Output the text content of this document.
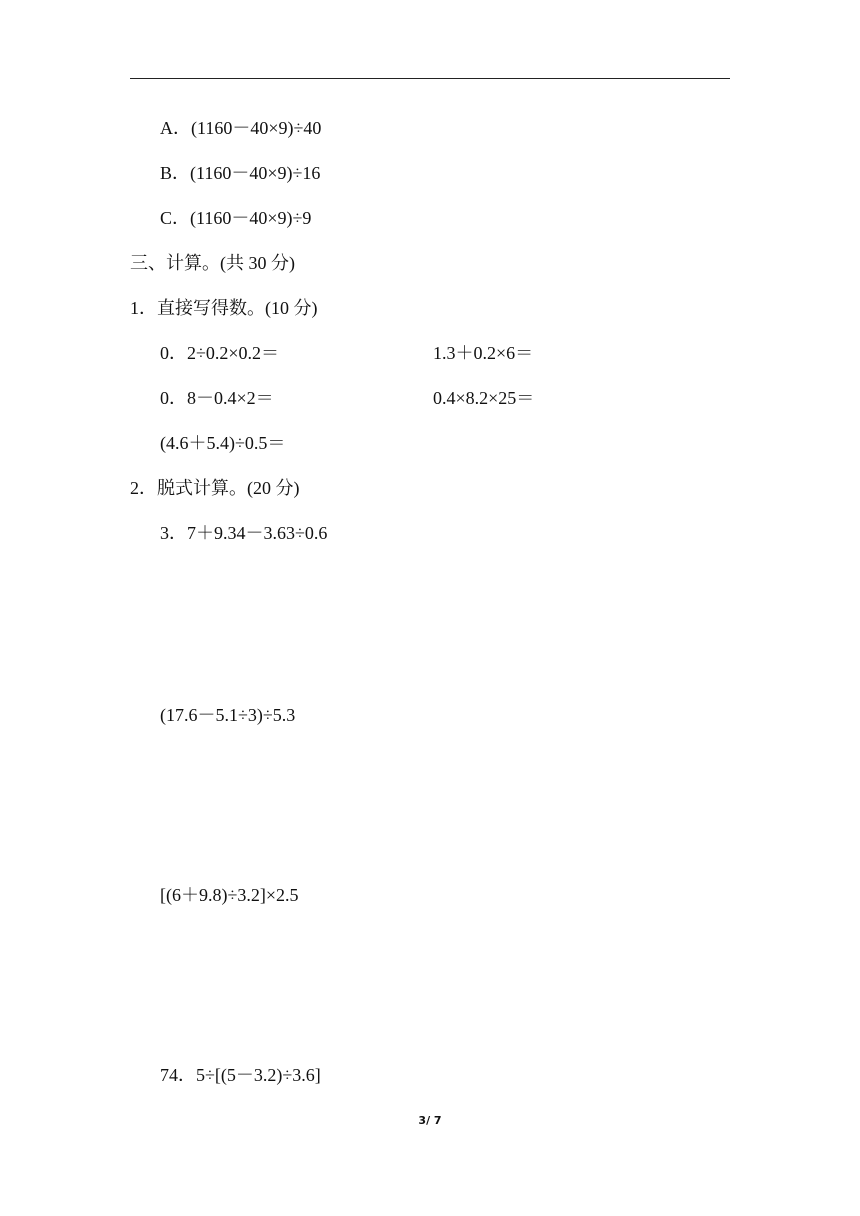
A．(1160－40×9)÷40
B．(1160－40×9)÷16
C．(1160－40×9)÷9
三、计算。(共 30 分)
1．直接写得数。(10 分)
0．2÷0.2×0.2＝	1.3＋0.2×6＝
0．8－0.4×2＝	0.4×8.2×25＝
(4.6＋5.4)÷0.5＝
2．脱式计算。(20 分)
3．7＋9.34－3.63÷0.6
(17.6－5.1÷3)÷5.3
[(6＋9.8)÷3.2]×2.5
74．5÷[(5－3.2)÷3.6]
3/ 7
